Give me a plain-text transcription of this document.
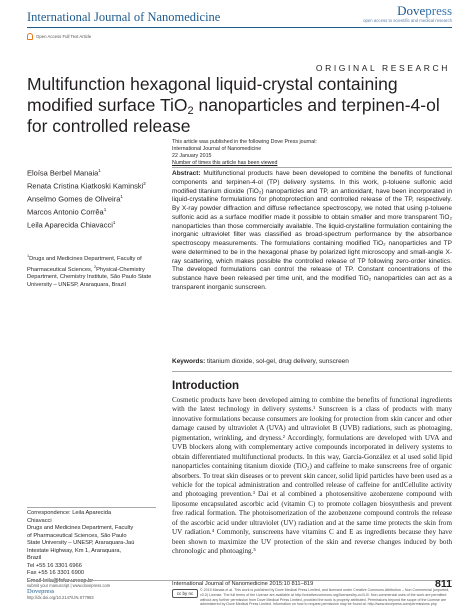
International Journal of Nanomedicine	Dovepress
open access to scientific and medical research
Open Access Full Text Article
ORIGINAL RESEARCH
Multifunction hexagonal liquid-crystal containing modified surface TiO$_2$ nanoparticles and terpinen-4-ol for controlled release
This article was published in the following Dove Press journal:
International Journal of Nanomedicine
22 January 2015
Number of times this article has been viewed
Eloísa Berbel Manaia$^1$
Renata Cristina Kiatkoski Kaminski$^2$
Anselmo Gomes de Oliveira$^1$
Marcos Antonio Corrêa$^1$
Leila Aparecida Chiavacci$^1$
$^1$Drugs and Medicines Department, Faculty of Pharmaceutical Sciences, $^2$Physical-Chemistry Department, Chemistry Institute, São Paulo State University – UNESP, Araraquara, Brazil
Abstract: Multifunctional products have been developed to combine the benefits of functional components and terpinen-4-ol (TP) delivery systems. In this work, p-toluene sulfonic acid modified titanium dioxide (TiO₂) nanoparticles and TP, an antioxidant, have been incorporated in liquid-crystalline formulations for photoprotection and controlled release of the TP, respectively. By X-ray powder diffraction and diffuse reflectance spectroscopy, we noted that using p-toluene sulfonic acid as a surface modifier made it possible to obtain smaller and more transparent TiO₂ nanoparticles than those commercially available. The liquid-crystalline formulation containing the inorganic ultraviolet filter was classified as broad-spectrum performance by the absorbance spectroscopy measurements. The formulations containing modified TiO₂ nanoparticles and TP were determined to be in the hexagonal phase by polarized light microscopy and small-angle X-ray scattering, which makes possible the controlled release of TP following zero-order kinetics. The developed formulations can control the release of TP. Constant concentrations of the substance have been released per time unit, and the modified TiO₂ nanoparticles can act as a transparent inorganic sunscreen.
Keywords: titanium dioxide, sol-gel, drug delivery, sunscreen
Introduction
Cosmetic products have been developed aiming to combine the benefits of functional ingredients with the latest technology in delivery systems.¹ Sunscreen is a class of products with many innovative formulations because consumers are looking for protection from skin cancer and other damage caused by ultraviolet A (UVA) and ultraviolet B (UVB) radiations, such as photoaging, pigmentation, wrinkling, and dryness.² Accordingly, formulations are developed with UVA and UVB blockers along with complementary active compounds incorporated in delivery systems to obtain differentiated multifunctional products. In this way, García-González et al used solid lipid nanoparticles containing titanium dioxide (TiO₂) and caffeine to make sunscreens free of organic absorbers. To treat skin diseases or to prevent skin cancer, solid lipid particles have been used as a vehicle for the topical administration and controlled release of caffeine for antICellulite activity and photoaging prevention.³ Dai et al combined a photosensitive azobenzene compound with liposome encapsulated ascorbic acid (vitamin C) to promote collagen biosynthesis and prevent free radical formation. The photoisomerization of the azobenzene compound controls the release of the ascorbic acid under ultraviolet (UV) radiation and at the same time protects the skin from UV radiation.⁴ Commonly, sunscreens have vitamins C and E as ingredients because they have been shown to maximize the UV protection of the skin and reverse changes induced by both chronologic and photoaging.⁵
Correspondence: Leila Aparecida
Chiavacci
Drugs and Medicines Department, Faculty
of Pharmaceutical Sciences, São Paulo
State University – UNESP, Araraquara-Jaú
Intestate Highway, Km 1, Araraquara,
Brazil
Tel +55 16 3301 6966
Fax +55 16 3301 6900
Email leila@fcfar.unesp.br
submit your manuscript | www.dovepress.com
Dovepress
http://dx.doi.org/10.2147/IJN.S77983
International Journal of Nanomedicine 2015:10 811–819	811
cc by nc
© 2015 Manaia et al. This work is published by Dove Medical Press Limited, and licensed under Creative Commons Attribution – Non Commercial (unported, v3.0) License. The full terms of the License are available at http://creativecommons.org/licenses/by-nc/3.0/. Non-commercial uses of the work are permitted without any further permission from Dove Medical Press Limited, provided the work is properly attributed. Permissions beyond the scope of the License are administered by Dove Medical Press Limited. Information on how to request permission may be found at: http://www.dovepress.com/permissions.php
